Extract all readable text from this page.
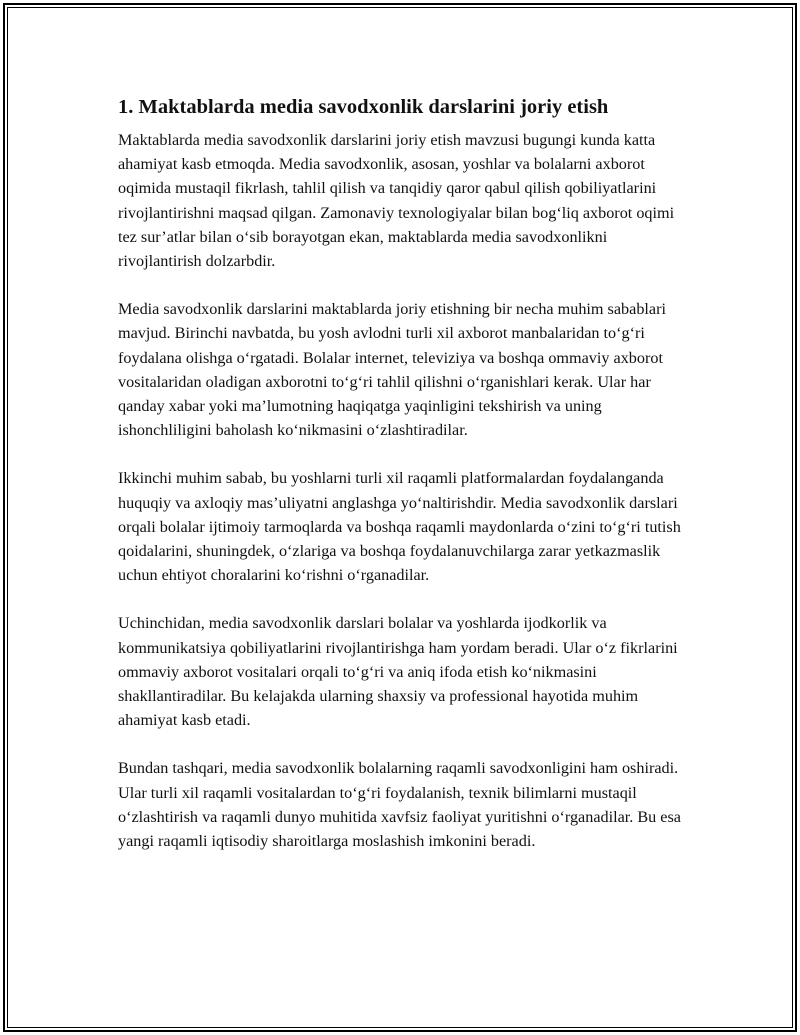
1. Maktablarda media savodxonlik darslarini joriy etish

Maktablarda media savodxonlik darslarini joriy etish mavzusi bugungi kunda katta ahamiyat kasb etmoqda. Media savodxonlik, asosan, yoshlar va bolalarni axborot oqimida mustaqil fikrlash, tahlil qilish va tanqidiy qaror qabul qilish qobiliyatlarini rivojlantirishni maqsad qilgan. Zamonaviy texnologiyalar bilan bog‘liq axborot oqimi tez sur’atlar bilan o‘sib borayotgan ekan, maktablarda media savodxonlikni rivojlantirish dolzarbdir.

Media savodxonlik darslarini maktablarda joriy etishning bir necha muhim sabablari mavjud. Birinchi navbatda, bu yosh avlodni turli xil axborot manbalaridan to‘g‘ri foydalana olishga o‘rgatadi. Bolalar internet, televiziya va boshqa ommaviy axborot vositalaridan oladigan axborotni to‘g‘ri tahlil qilishni o‘rganishlari kerak. Ular har qanday xabar yoki ma’lumotning haqiqatga yaqinligini tekshirish va uning ishonchliligini baholash ko‘nikmasini o‘zlashtiradilar.

Ikkinchi muhim sabab, bu yoshlarni turli xil raqamli platformalardan foydalanganda huquqiy va axloqiy mas’uliyatni anglashga yo‘naltirishdir. Media savodxonlik darslari orqali bolalar ijtimoiy tarmoqlarda va boshqa raqamli maydonlarda o‘zini to‘g‘ri tutish qoidalarini, shuningdek, o‘zlariga va boshqa foydalanuvchilarga zarar yetkazmaslik uchun ehtiyot choralarini ko‘rishni o‘rganadilar.

Uchinchidan, media savodxonlik darslari bolalar va yoshlarda ijodkorlik va kommunikatsiya qobiliyatlarini rivojlantirishga ham yordam beradi. Ular o‘z fikrlarini ommaviy axborot vositalari orqali to‘g‘ri va aniq ifoda etish ko‘nikmasini shakllantiradilar. Bu kelajakda ularning shaxsiy va professional hayotida muhim ahamiyat kasb etadi.

Bundan tashqari, media savodxonlik bolalarning raqamli savodxonligini ham oshiradi. Ular turli xil raqamli vositalardan to‘g‘ri foydalanish, texnik bilimlarni mustaqil o‘zlashtirish va raqamli dunyo muhitida xavfsiz faoliyat yuritishni o‘rganadilar. Bu esa yangi raqamli iqtisodiy sharoitlarga moslashish imkonini beradi.
